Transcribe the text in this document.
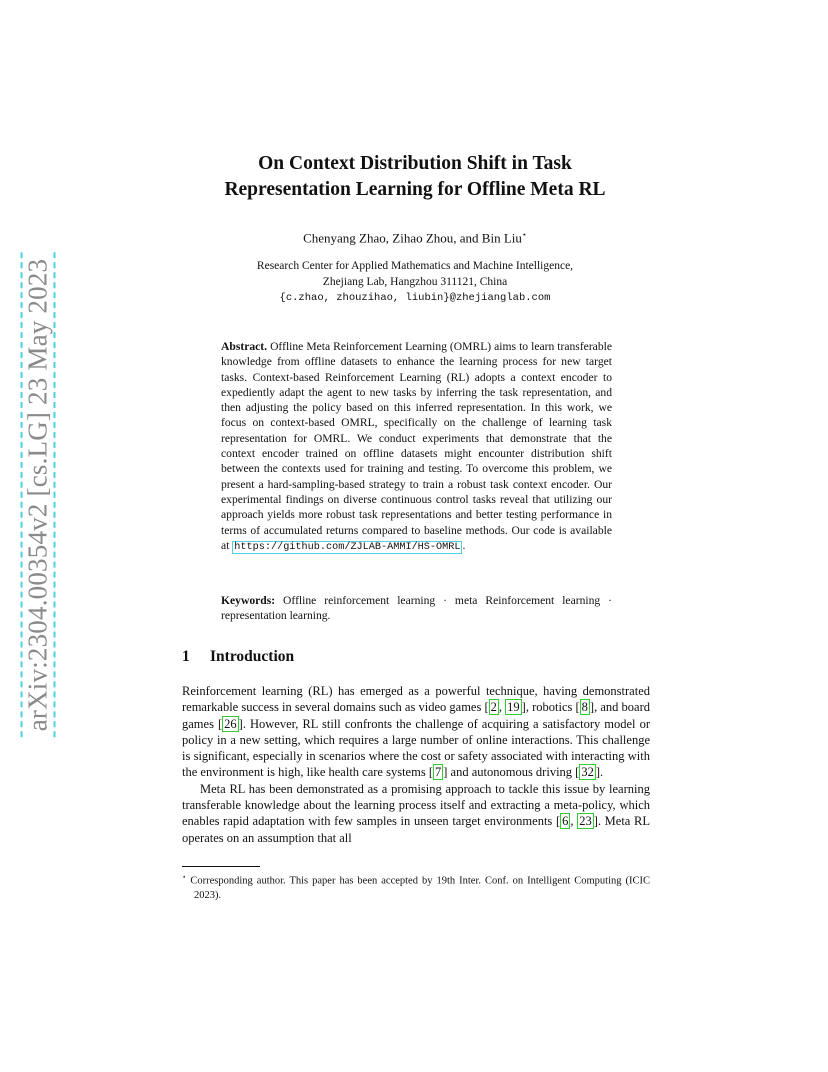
arXiv:2304.00354v2 [cs.LG] 23 May 2023
On Context Distribution Shift in Task
Representation Learning for Offline Meta RL
Chenyang Zhao, Zihao Zhou, and Bin Liu⋆
Research Center for Applied Mathematics and Machine Intelligence,
Zhejiang Lab, Hangzhou 311121, China
{c.zhao, zhouzihao, liubin}@zhejianglab.com
Abstract. Offline Meta Reinforcement Learning (OMRL) aims to learn transferable knowledge from offline datasets to enhance the learning process for new target tasks. Context-based Reinforcement Learning (RL) adopts a context encoder to expediently adapt the agent to new tasks by inferring the task representation, and then adjusting the policy based on this inferred representation. In this work, we focus on context-based OMRL, specifically on the challenge of learning task representation for OMRL. We conduct experiments that demonstrate that the context encoder trained on offline datasets might encounter distribution shift between the contexts used for training and testing. To overcome this problem, we present a hard-sampling-based strategy to train a robust task context encoder. Our experimental findings on diverse continuous control tasks reveal that utilizing our approach yields more robust task representations and better testing performance in terms of accumulated returns compared to baseline methods. Our code is available at https://github.com/ZJLAB-AMMI/HS-OMRL .
Keywords: Offline reinforcement learning · meta Reinforcement learning · representation learning.
1 Introduction

Reinforcement learning (RL) has emerged as a powerful technique, having demonstrated remarkable success in several domains such as video games [ 2 , 19 ], robotics [ 8 ], and board games [ 26 ]. However, RL still confronts the challenge of acquiring a satisfactory model or policy in a new setting, which requires a large number of online interactions. This challenge is significant, especially in scenarios where the cost or safety associated with interacting with the environment is high, like health care systems [ 7 ] and autonomous driving [ 32 ].

Meta RL has been demonstrated as a promising approach to tackle this issue by learning transferable knowledge about the learning process itself and extracting a meta-policy, which enables rapid adaptation with few samples in unseen target environments [ 6 , 23 ]. Meta RL operates on an assumption that all

⋆ Corresponding author. This paper has been accepted by 19th Inter. Conf. on Intelligent Computing (ICIC 2023).
